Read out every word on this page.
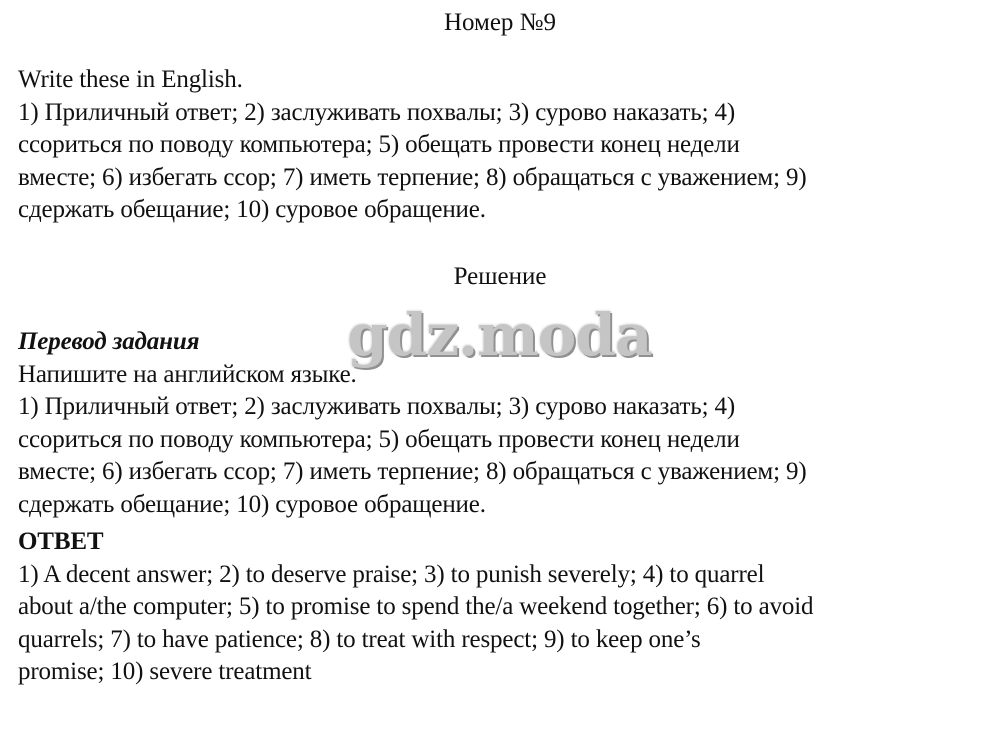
Номер №9
Write these in English.
1) Приличный ответ; 2) заслуживать похвалы; 3) сурово наказать; 4)
ссориться по поводу компьютера; 5) обещать провести конец недели
вместе; 6) избегать ссор; 7) иметь терпение; 8) обращаться с уважением; 9)
сдержать обещание; 10) суровое обращение.
Решение
gdz.moda
Перевод задания
Напишите на английском языке.
1) Приличный ответ; 2) заслуживать похвалы; 3) сурово наказать; 4)
ссориться по поводу компьютера; 5) обещать провести конец недели
вместе; 6) избегать ссор; 7) иметь терпение; 8) обращаться с уважением; 9)
сдержать обещание; 10) суровое обращение.
ОТВЕТ
1) A decent answer; 2) to deserve praise; 3) to punish severely; 4) to quarrel
about a/the computer; 5) to promise to spend the/a weekend together; 6) to avoid
quarrels; 7) to have patience; 8) to treat with respect; 9) to keep one’s
promise; 10) severe treatment
